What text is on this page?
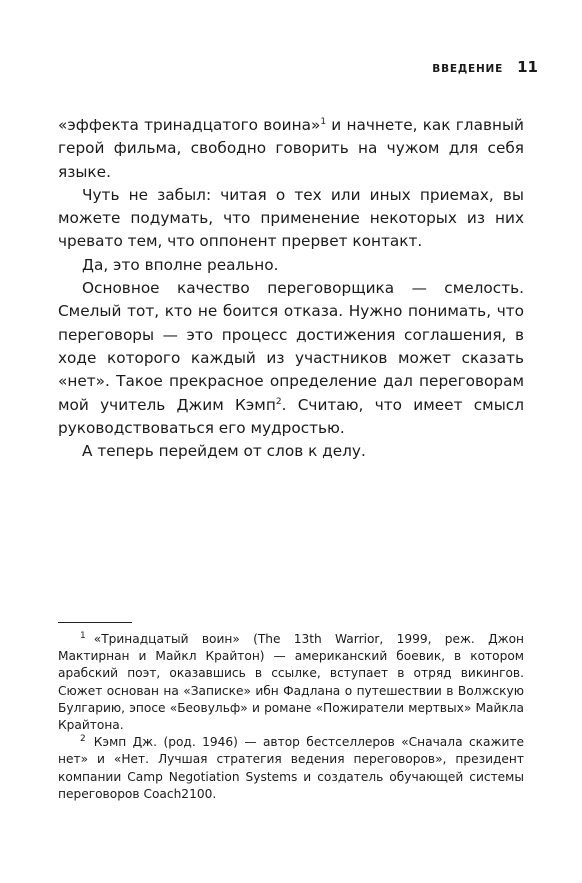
ВВЕДЕНИЕ 11

«эффекта тринадцатого воина»$^1$ и начнете, как главный герой фильма, свободно говорить на чужом для себя языке.

Чуть не забыл: читая о тех или иных приемах, вы можете подумать, что применение некоторых из них чревато тем, что оппонент прервет контакт.

Да, это вполне реально.

Основное качество переговорщика — смелость. Смелый тот, кто не боится отказа. Нужно понимать, что переговоры — это процесс достижения соглашения, в ходе которого каждый из участников может сказать «нет». Такое прекрасное определение дал переговорам мой учитель Джим Кэмп$^2$. Считаю, что имеет смысл руководствоваться его мудростью.

А теперь перейдем от слов к делу.

$^1$ «Тринадцатый воин» (The 13th Warrior, 1999, реж. Джон Мактирнан и Майкл Крайтон) — американский боевик, в котором арабский поэт, оказавшись в ссылке, вступает в отряд викингов. Сюжет основан на «Записке» ибн Фадлана о путешествии в Волжскую Булгарию, эпосе «Беовульф» и романе «Пожиратели мертвых» Майкла Крайтона.

$^2$ Кэмп Дж. (род. 1946) — автор бестселлеров «Сначала скажите нет» и «Нет. Лучшая стратегия ведения переговоров», президент компании Camp Negotiation Systems и создатель обучающей системы переговоров Coach2100.
